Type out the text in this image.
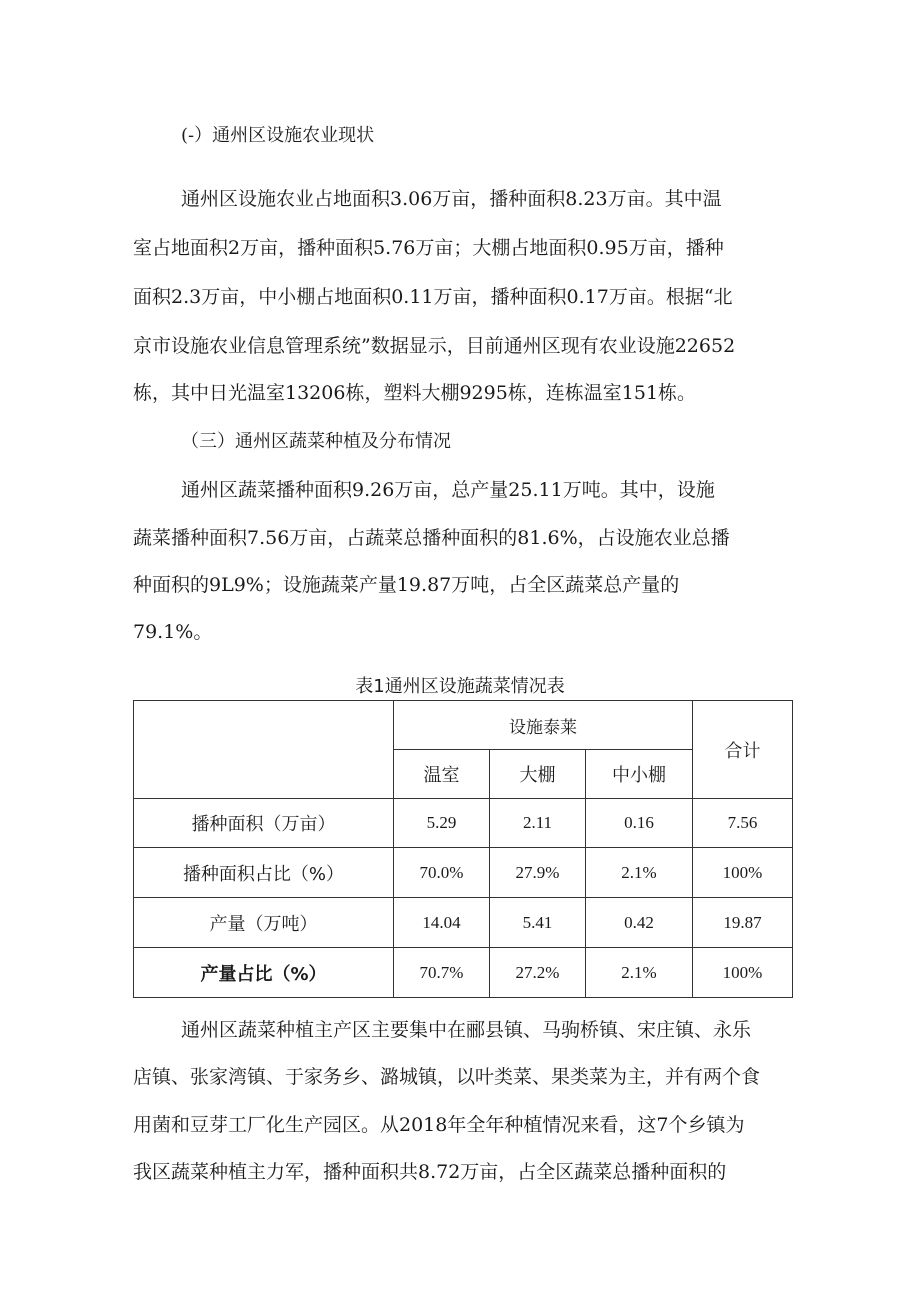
(-）通州区设施农业现状
通州区设施农业占地面积3.06万亩，播种面积8.23万亩。其中温
室占地面积2万亩，播种面积5.76万亩；大棚占地面积0.95万亩，播种
面积2.3万亩，中小棚占地面积0.11万亩，播种面积0.17万亩。根据“北
京市设施农业信息管理系统”数据显示，目前通州区现有农业设施22652
栋，其中日光温室13206栋，塑料大棚9295栋，连栋温室151栋。
（三）通州区蔬菜种植及分布情况
通州区蔬菜播种面积9.26万亩，总产量25.11万吨。其中，设施
蔬菜播种面积7.56万亩，占蔬菜总播种面积的81.6%，占设施农业总播
种面积的9L9%；设施蔬菜产量19.87万吨，占全区蔬菜总产量的
79.1%。
表1通州区设施蔬菜情况表
	设施泰莱			合计
	温室	大棚	中小棚	
播种面积（万亩）	5.29	2.11	0.16	7.56
播种面积占比（%）	70.0%	27.9%	2.1%	100%
产量（万吨）	14.04	5.41	0.42	19.87
产量占比（%）	70.7%	27.2%	2.1%	100%
通州区蔬菜种植主产区主要集中在郦县镇、马驹桥镇、宋庄镇、永乐
店镇、张家湾镇、于家务乡、潞城镇，以叶类菜、果类菜为主，并有两个食
用菌和豆芽工厂化生产园区。从2018年全年种植情况来看，这7个乡镇为
我区蔬菜种植主力军，播种面积共8.72万亩，占全区蔬菜总播种面积的
